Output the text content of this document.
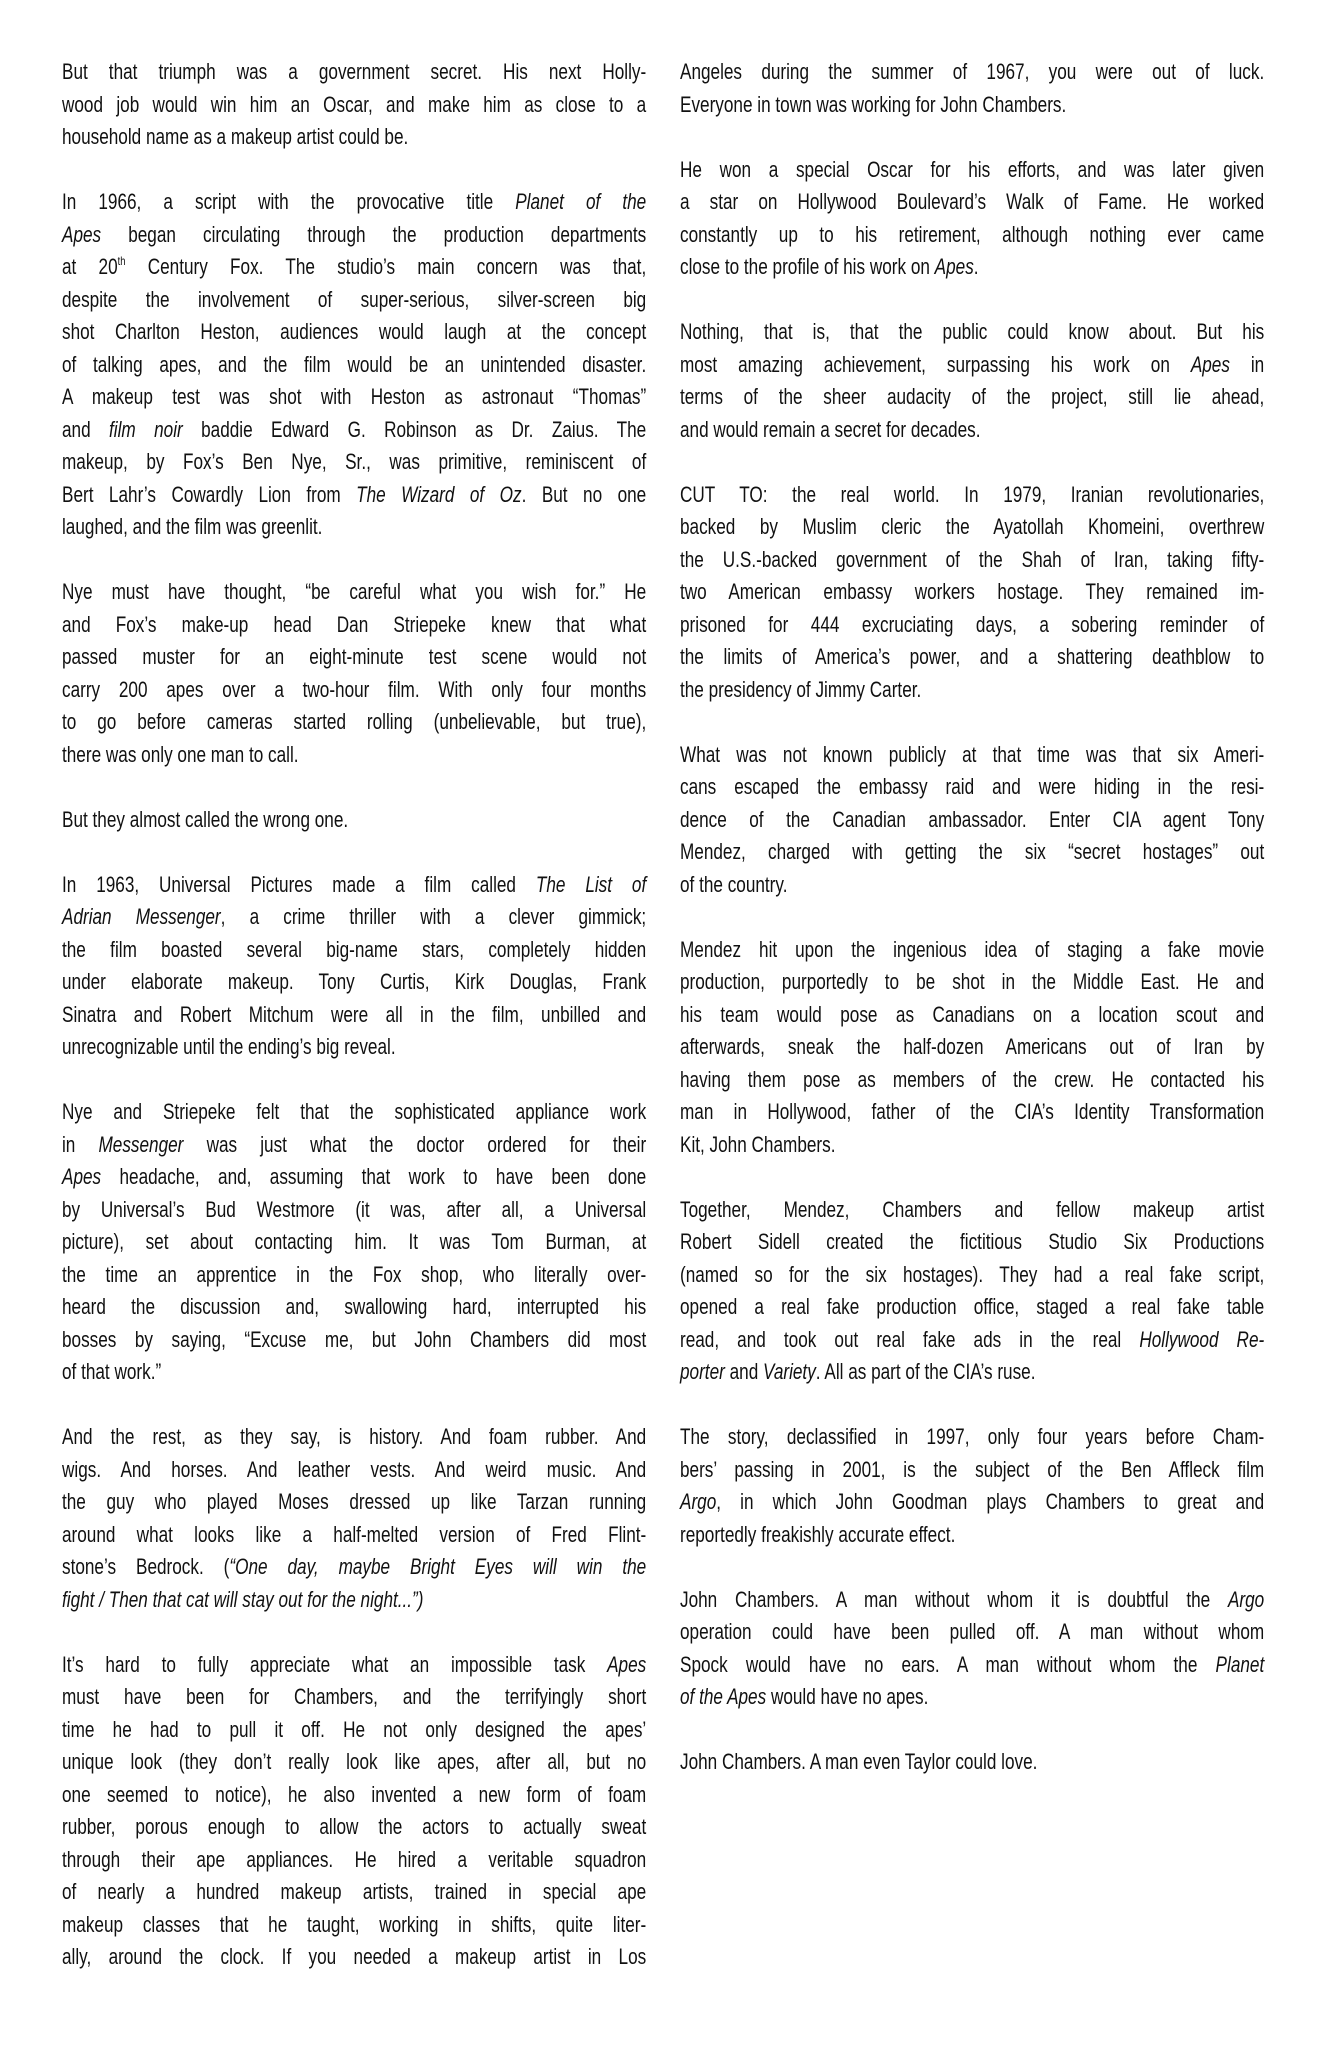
But that triumph was a government secret. His next Holly-
wood job would win him an Oscar, and make him as close to a
household name as a makeup artist could be.
In 1966, a script with the provocative title Planet of the
Apes began circulating through the production departments
at 20th Century Fox. The studio’s main concern was that,
despite the involvement of super-serious, silver-screen big
shot Charlton Heston, audiences would laugh at the concept
of talking apes, and the film would be an unintended disaster.
A makeup test was shot with Heston as astronaut “Thomas”
and film noir baddie Edward G. Robinson as Dr. Zaius. The
makeup, by Fox’s Ben Nye, Sr., was primitive, reminiscent of
Bert Lahr’s Cowardly Lion from The Wizard of Oz. But no one
laughed, and the film was greenlit.
Nye must have thought, “be careful what you wish for.” He
and Fox’s make-up head Dan Striepeke knew that what
passed muster for an eight-minute test scene would not
carry 200 apes over a two-hour film. With only four months
to go before cameras started rolling (unbelievable, but true),
there was only one man to call.
But they almost called the wrong one.
In 1963, Universal Pictures made a film called The List of
Adrian Messenger, a crime thriller with a clever gimmick;
the film boasted several big-name stars, completely hidden
under elaborate makeup. Tony Curtis, Kirk Douglas, Frank
Sinatra and Robert Mitchum were all in the film, unbilled and
unrecognizable until the ending’s big reveal.
Nye and Striepeke felt that the sophisticated appliance work
in Messenger was just what the doctor ordered for their
Apes headache, and, assuming that work to have been done
by Universal’s Bud Westmore (it was, after all, a Universal
picture), set about contacting him. It was Tom Burman, at
the time an apprentice in the Fox shop, who literally over-
heard the discussion and, swallowing hard, interrupted his
bosses by saying, “Excuse me, but John Chambers did most
of that work.”
And the rest, as they say, is history. And foam rubber. And
wigs. And horses. And leather vests. And weird music. And
the guy who played Moses dressed up like Tarzan running
around what looks like a half-melted version of Fred Flint-
stone’s Bedrock. (“One day, maybe Bright Eyes will win the
fight / Then that cat will stay out for the night...”)
It’s hard to fully appreciate what an impossible task Apes
must have been for Chambers, and the terrifyingly short
time he had to pull it off. He not only designed the apes’
unique look (they don’t really look like apes, after all, but no
one seemed to notice), he also invented a new form of foam
rubber, porous enough to allow the actors to actually sweat
through their ape appliances. He hired a veritable squadron
of nearly a hundred makeup artists, trained in special ape
makeup classes that he taught, working in shifts, quite liter-
ally, around the clock. If you needed a makeup artist in Los
Angeles during the summer of 1967, you were out of luck.
Everyone in town was working for John Chambers.
He won a special Oscar for his efforts, and was later given
a star on Hollywood Boulevard’s Walk of Fame. He worked
constantly up to his retirement, although nothing ever came
close to the profile of his work on Apes.
Nothing, that is, that the public could know about. But his
most amazing achievement, surpassing his work on Apes in
terms of the sheer audacity of the project, still lie ahead,
and would remain a secret for decades.
CUT TO: the real world. In 1979, Iranian revolutionaries,
backed by Muslim cleric the Ayatollah Khomeini, overthrew
the U.S.-backed government of the Shah of Iran, taking fifty-
two American embassy workers hostage. They remained im-
prisoned for 444 excruciating days, a sobering reminder of
the limits of America’s power, and a shattering deathblow to
the presidency of Jimmy Carter.
What was not known publicly at that time was that six Ameri-
cans escaped the embassy raid and were hiding in the resi-
dence of the Canadian ambassador. Enter CIA agent Tony
Mendez, charged with getting the six “secret hostages” out
of the country.
Mendez hit upon the ingenious idea of staging a fake movie
production, purportedly to be shot in the Middle East. He and
his team would pose as Canadians on a location scout and
afterwards, sneak the half-dozen Americans out of Iran by
having them pose as members of the crew. He contacted his
man in Hollywood, father of the CIA’s Identity Transformation
Kit, John Chambers.
Together, Mendez, Chambers and fellow makeup artist
Robert Sidell created the fictitious Studio Six Productions
(named so for the six hostages). They had a real fake script,
opened a real fake production office, staged a real fake table
read, and took out real fake ads in the real Hollywood Re-
porter and Variety. All as part of the CIA’s ruse.
The story, declassified in 1997, only four years before Cham-
bers’ passing in 2001, is the subject of the Ben Affleck film
Argo, in which John Goodman plays Chambers to great and
reportedly freakishly accurate effect.
John Chambers. A man without whom it is doubtful the Argo
operation could have been pulled off. A man without whom
Spock would have no ears. A man without whom the Planet
of the Apes would have no apes.
John Chambers. A man even Taylor could love.
